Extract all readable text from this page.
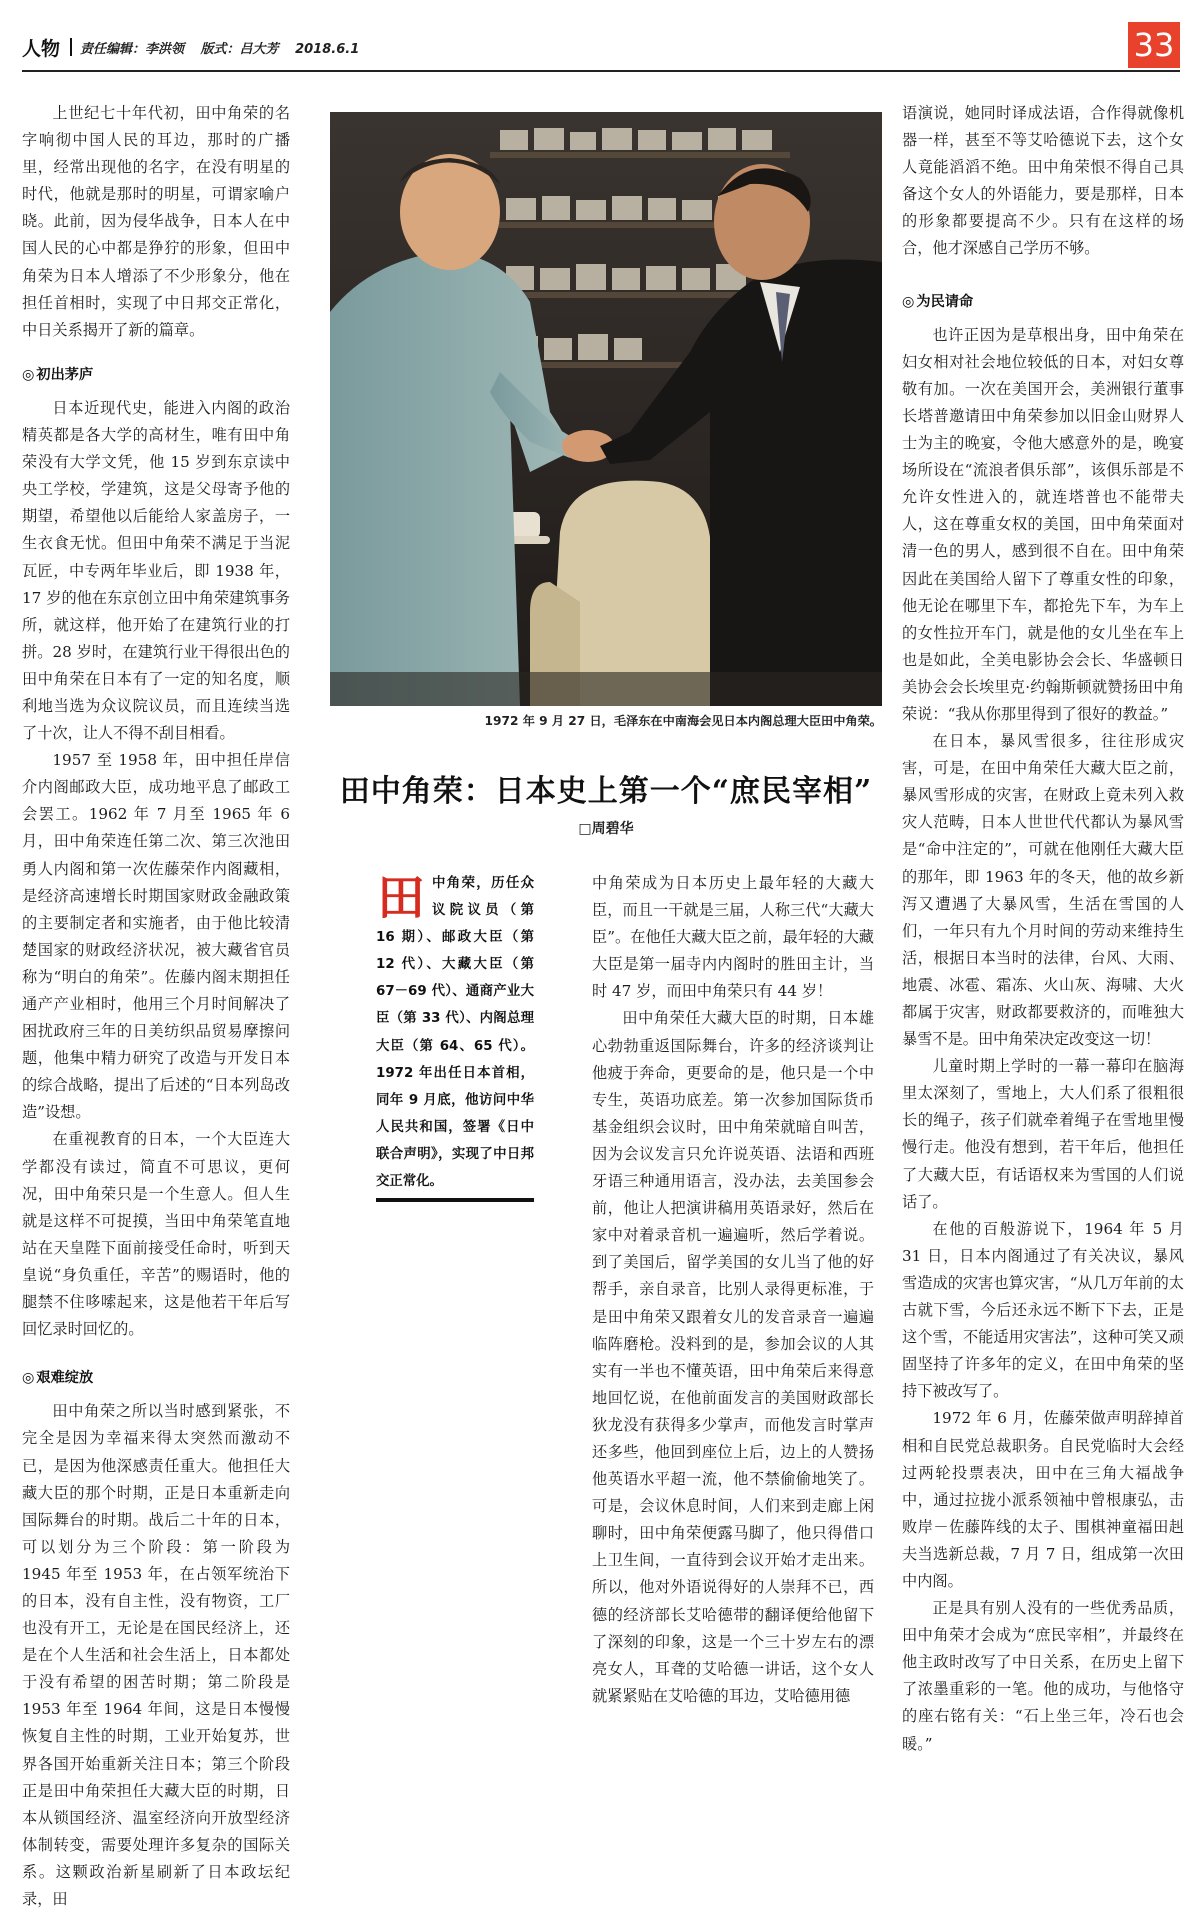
人物 责任编辑：李洪领 版式：吕大芳 2018.6.1	33

上世纪七十年代初，田中角荣的名字响彻中国人民的耳边，那时的广播里，经常出现他的名字，在没有明星的时代，他就是那时的明星，可谓家喻户晓。此前，因为侵华战争，日本人在中国人民的心中都是狰狞的形象，但田中角荣为日本人增添了不少形象分，他在担任首相时，实现了中日邦交正常化，中日关系揭开了新的篇章。

◎ 初出茅庐

日本近现代史，能进入内阁的政治精英都是各大学的高材生，唯有田中角荣没有大学文凭，他 15 岁到东京读中央工学校，学建筑，这是父母寄予他的期望，希望他以后能给人家盖房子，一生衣食无忧。但田中角荣不满足于当泥瓦匠，中专两年毕业后，即 1938 年，17 岁的他在东京创立田中角荣建筑事务所，就这样，他开始了在建筑行业的打拼。28 岁时，在建筑行业干得很出色的田中角荣在日本有了一定的知名度，顺利地当选为众议院议员，而且连续当选了十次，让人不得不刮目相看。

1957 至 1958 年，田中担任岸信介内阁邮政大臣，成功地平息了邮政工会罢工。1962 年 7 月至 1965 年 6 月，田中角荣连任第二次、第三次池田勇人内阁和第一次佐藤荣作内阁藏相，是经济高速增长时期国家财政金融政策的主要制定者和实施者，由于他比较清楚国家的财政经济状况，被大藏省官员称为“明白的角荣”。佐藤内阁末期担任通产产业相时，他用三个月时间解决了困扰政府三年的日美纺织品贸易摩擦问题，他集中精力研究了改造与开发日本的综合战略，提出了后述的“日本列岛改造”设想。

在重视教育的日本，一个大臣连大学都没有读过，简直不可思议，更何况，田中角荣只是一个生意人。但人生就是这样不可捉摸，当田中角荣笔直地站在天皇陛下面前接受任命时，听到天皇说“身负重任，辛苦”的赐语时，他的腿禁不住哆嗦起来，这是他若干年后写回忆录时回忆的。

◎ 艰难绽放

田中角荣之所以当时感到紧张，不完全是因为幸福来得太突然而激动不已，是因为他深感责任重大。他担任大藏大臣的那个时期，正是日本重新走向国际舞台的时期。战后二十年的日本，可以划分为三个阶段：第一阶段为 1945 年至 1953 年，在占领军统治下的日本，没有自主性，没有物资，工厂也没有开工，无论是在国民经济上，还是在个人生活和社会生活上，日本都处于没有希望的困苦时期；第二阶段是 1953 年至 1964 年间，这是日本慢慢恢复自主性的时期，工业开始复苏，世界各国开始重新关注日本；第三个阶段正是田中角荣担任大藏大臣的时期，日本从锁国经济、温室经济向开放型经济体制转变，需要处理许多复杂的国际关系。这颗政治新星刷新了日本政坛纪录，田

1972 年 9 月 27 日，毛泽东在中南海会见日本内阁总理大臣田中角荣。
田中角荣：日本史上第一个“庶民宰相”
□周碧华
田 中角荣，历任众议院议员（第 16 期）、邮政大臣（第 12 代）、大藏大臣（第 67－69 代）、通商产业大臣（第 33 代）、内阁总理大臣（第 64、65 代）。1972 年出任日本首相，同年 9 月底，他访问中华人民共和国，签署《日中联合声明》，实现了中日邦交正常化。

中角荣成为日本历史上最年轻的大藏大臣，而且一干就是三届，人称三代“大藏大臣”。在他任大藏大臣之前，最年轻的大藏大臣是第一届寺内内阁时的胜田主计，当时 47 岁，而田中角荣只有 44 岁！

田中角荣任大藏大臣的时期，日本雄心勃勃重返国际舞台，许多的经济谈判让他疲于奔命，更要命的是，他只是一个中专生，英语功底差。第一次参加国际货币基金组织会议时，田中角荣就暗自叫苦，因为会议发言只允许说英语、法语和西班牙语三种通用语言，没办法，去美国参会前，他让人把演讲稿用英语录好，然后在家中对着录音机一遍遍听，然后学着说。到了美国后，留学美国的女儿当了他的好帮手，亲自录音，比别人录得更标准，于是田中角荣又跟着女儿的发音录音一遍遍临阵磨枪。没料到的是，参加会议的人其实有一半也不懂英语，田中角荣后来得意地回忆说，在他前面发言的美国财政部长狄龙没有获得多少掌声，而他发言时掌声还多些，他回到座位上后，边上的人赞扬他英语水平超一流，他不禁偷偷地笑了。可是，会议休息时间，人们来到走廊上闲聊时，田中角荣便露马脚了，他只得借口上卫生间，一直待到会议开始才走出来。所以，他对外语说得好的人崇拜不已，西德的经济部长艾哈德带的翻译便给他留下了深刻的印象，这是一个三十岁左右的漂亮女人，耳聋的艾哈德一讲话，这个女人就紧紧贴在艾哈德的耳边，艾哈德用德

语演说，她同时译成法语，合作得就像机器一样，甚至不等艾哈德说下去，这个女人竟能滔滔不绝。田中角荣恨不得自己具备这个女人的外语能力，要是那样，日本的形象都要提高不少。只有在这样的场合，他才深感自己学历不够。

◎ 为民请命

也许正因为是草根出身，田中角荣在妇女相对社会地位较低的日本，对妇女尊敬有加。一次在美国开会，美洲银行董事长塔普邀请田中角荣参加以旧金山财界人士为主的晚宴，令他大感意外的是，晚宴场所设在“流浪者俱乐部”，该俱乐部是不允许女性进入的，就连塔普也不能带夫人，这在尊重女权的美国，田中角荣面对清一色的男人，感到很不自在。田中角荣因此在美国给人留下了尊重女性的印象，他无论在哪里下车，都抢先下车，为车上的女性拉开车门，就是他的女儿坐在车上也是如此，全美电影协会会长、华盛顿日美协会会长埃里克·约翰斯顿就赞扬田中角荣说：“我从你那里得到了很好的教益。”

在日本，暴风雪很多，往往形成灾害，可是，在田中角荣任大藏大臣之前，暴风雪形成的灾害，在财政上竟未列入救灾人范畴，日本人世世代代都认为暴风雪是“命中注定的”，可就在他刚任大藏大臣的那年，即 1963 年的冬天，他的故乡新泻又遭遇了大暴风雪，生活在雪国的人们，一年只有九个月时间的劳动来维持生活，根据日本当时的法律，台风、大雨、地震、冰雹、霜冻、火山灰、海啸、大火都属于灾害，财政都要救济的，而唯独大暴雪不是。田中角荣决定改变这一切！

儿童时期上学时的一幕一幕印在脑海里太深刻了，雪地上，大人们系了很粗很长的绳子，孩子们就牵着绳子在雪地里慢慢行走。他没有想到，若干年后，他担任了大藏大臣，有话语权来为雪国的人们说话了。

在他的百般游说下，1964 年 5 月 31 日，日本内阁通过了有关决议，暴风雪造成的灾害也算灾害，“从几万年前的太古就下雪，今后还永远不断下下去，正是这个雪，不能适用灾害法”，这种可笑又顽固坚持了许多年的定义，在田中角荣的坚持下被改写了。

1972 年 6 月，佐藤荣做声明辞掉首相和自民党总裁职务。自民党临时大会经过两轮投票表决，田中在三角大福战争中，通过拉拢小派系领袖中曾根康弘，击败岸－佐藤阵线的太子、围棋神童福田赳夫当选新总裁，7 月 7 日，组成第一次田中内阁。

正是具有别人没有的一些优秀品质，田中角荣才会成为“庶民宰相”，并最终在他主政时改写了中日关系，在历史上留下了浓墨重彩的一笔。他的成功，与他恪守的座右铭有关：“石上坐三年，冷石也会暖。”
